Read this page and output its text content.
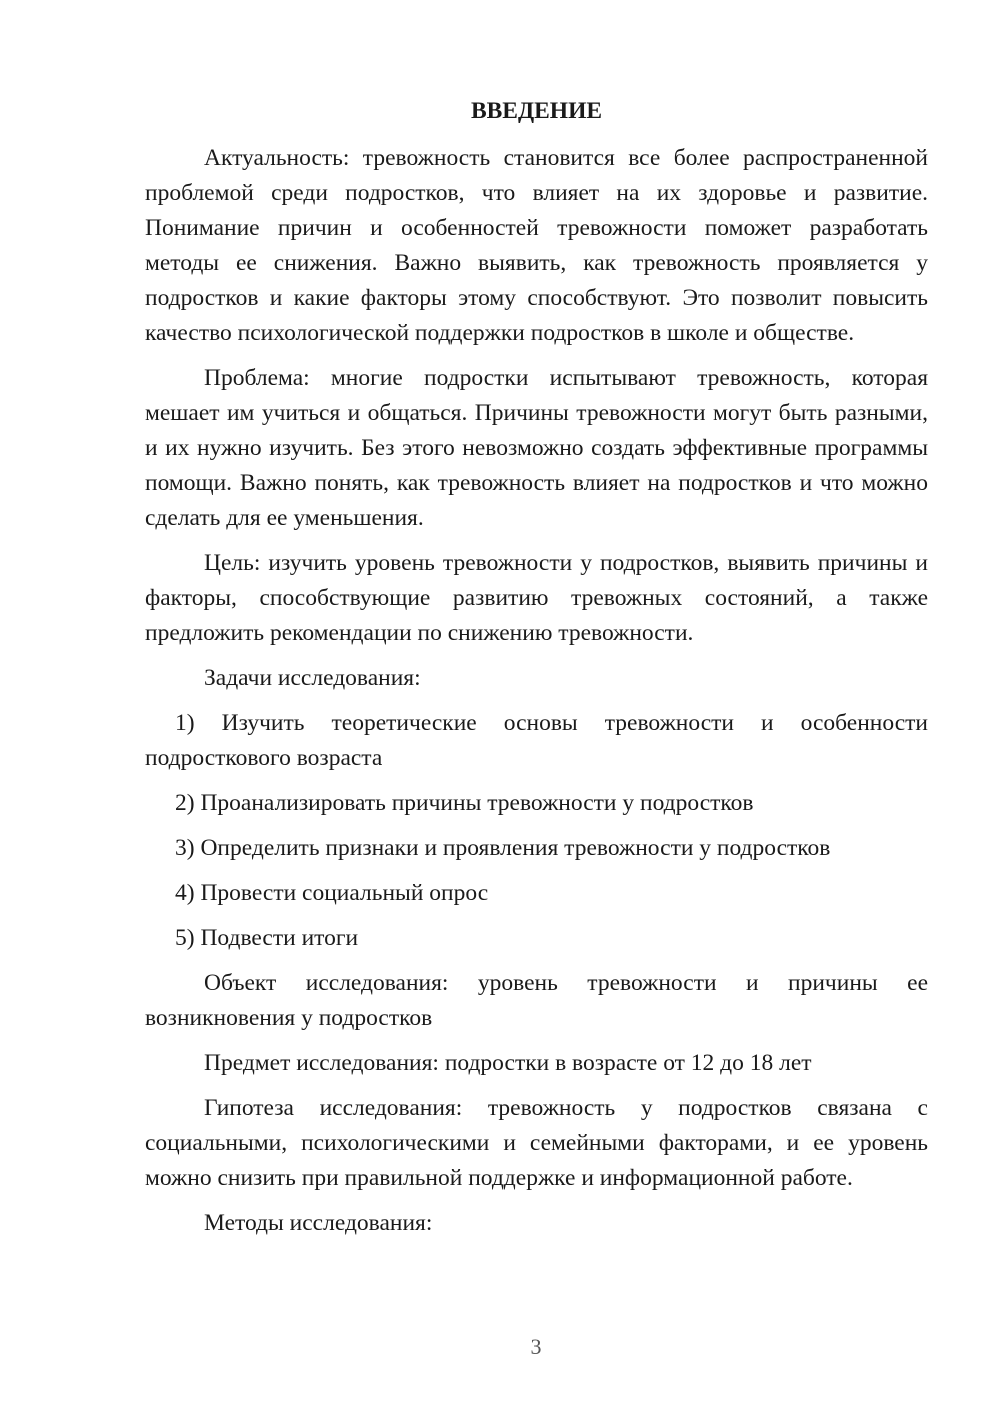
ВВЕДЕНИЕ

Актуальность: тревожность становится все более распространенной проблемой среди подростков, что влияет на их здоровье и развитие. Понимание причин и особенностей тревожности поможет разработать методы ее снижения. Важно выявить, как тревожность проявляется у подростков и какие факторы этому способствуют. Это позволит повысить качество психологической поддержки подростков в школе и обществе.

Проблема: многие подростки испытывают тревожность, которая мешает им учиться и общаться. Причины тревожности могут быть разными, и их нужно изучить. Без этого невозможно создать эффективные программы помощи. Важно понять, как тревожность влияет на подростков и что можно сделать для ее уменьшения.

Цель: изучить уровень тревожности у подростков, выявить причины и факторы, способствующие развитию тревожных состояний, а также предложить рекомендации по снижению тревожности.

Задачи исследования:

1) Изучить теоретические основы тревожности и особенности подросткового возраста

2) Проанализировать причины тревожности у подростков

3) Определить признаки и проявления тревожности у подростков

4) Провести социальный опрос

5) Подвести итоги

Объект исследования: уровень тревожности и причины ее возникновения у подростков

Предмет исследования: подростки в возрасте от 12 до 18 лет

Гипотеза исследования: тревожность у подростков связана с социальными, психологическими и семейными факторами, и ее уровень можно снизить при правильной поддержке и информационной работе.

Методы исследования:

3
